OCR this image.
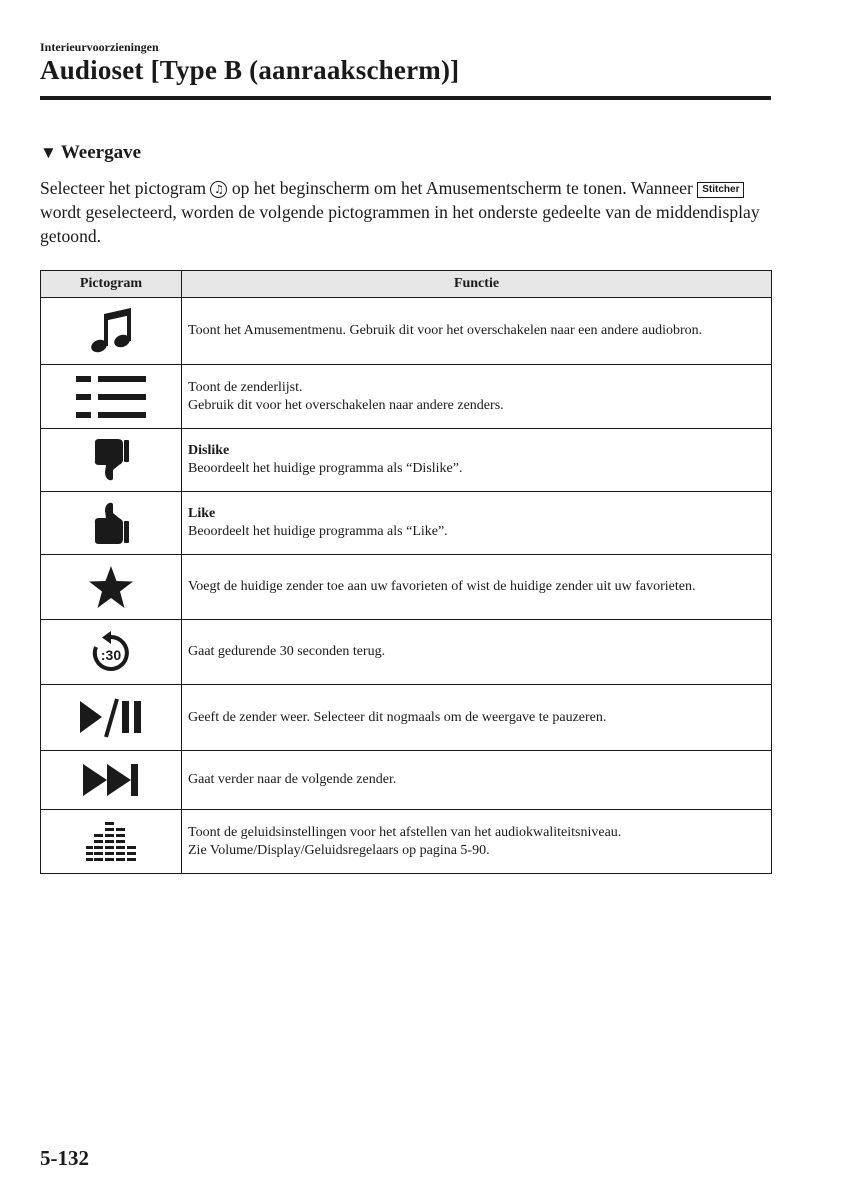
Interieurvoorzieningen
Audioset [Type B (aanraakscherm)]
▼ Weergave
Selecteer het pictogram ♫ op het beginscherm om het Amusementscherm te tonen. Wanneer Stitcher wordt geselecteerd, worden de volgende pictogrammen in het onderste gedeelte van de middendisplay getoond.
Pictogram	Functie

	Toont het Amusementmenu. Gebruik dit voor het overschakelen naar een andere audiobron.

Toont de zenderlijst.
Gebruik dit voor het overschakelen naar andere zenders.

Dislike
Beoordeelt het huidige programma als “Dislike”.

Like
Beoordeelt het huidige programma als “Like”.

	Voegt de huidige zender toe aan uw favorieten of wist de huidige zender uit uw favorieten.

:30	Gaat gedurende 30 seconden terug.

	Geeft de zender weer. Selecteer dit nogmaals om de weergave te pauzeren.

	Gaat verder naar de volgende zender.

Toont de geluidsinstellingen voor het afstellen van het audiokwaliteitsniveau.
Zie Volume/Display/Geluidsregelaars op pagina 5-90.
5-132
